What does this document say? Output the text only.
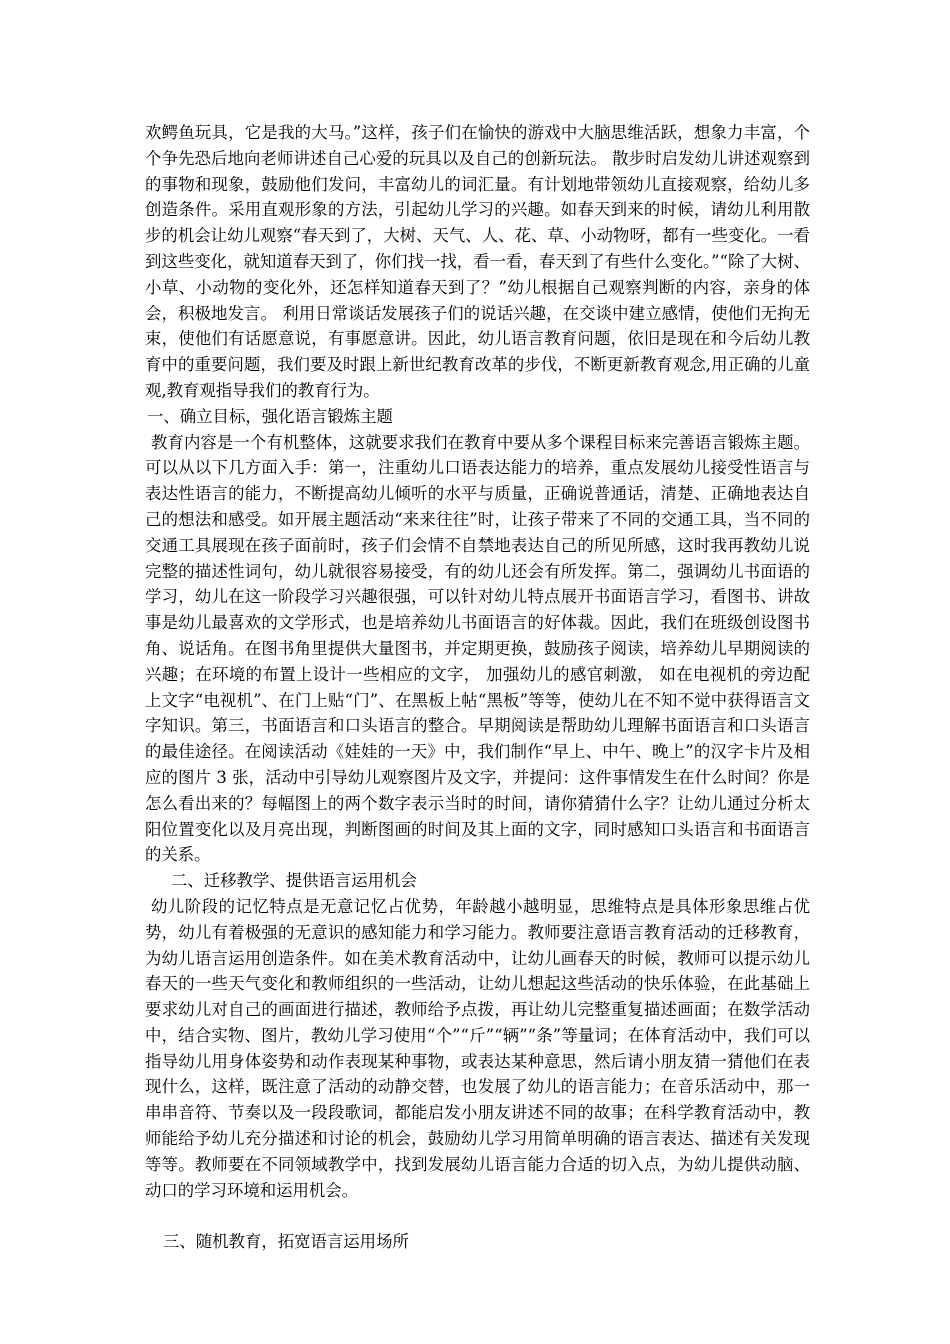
欢鳄鱼玩具，它是我的大马。”这样，孩子们在愉快的游戏中大脑思维活跃，想象力丰富，个个争先恐后地向老师讲述自己心爱的玩具以及自己的创新玩法。 散步时启发幼儿讲述观察到的事物和现象，鼓励他们发问，丰富幼儿的词汇量。有计划地带领幼儿直接观察，给幼儿多创造条件。采用直观形象的方法，引起幼儿学习的兴趣。如春天到来的时候，请幼儿利用散步的机会让幼儿观察“春天到了，大树、天气、人、花、草、小动物呀，都有一些变化。一看到这些变化，就知道春天到了，你们找一找，看一看，春天到了有些什么变化。”“除了大树、小草、小动物的变化外，还怎样知道春天到了？”幼儿根据自己观察判断的内容，亲身的体会，积极地发言。 利用日常谈话发展孩子们的说话兴趣，在交谈中建立感情，使他们无拘无束，使他们有话愿意说，有事愿意讲。因此，幼儿语言教育问题，依旧是现在和今后幼儿教育中的重要问题，我们要及时跟上新世纪教育改革的步伐，不断更新教育观念,用正确的儿童观,教育观指导我们的教育行为。

一、确立目标，强化语言锻炼主题

教育内容是一个有机整体，这就要求我们在教育中要从多个课程目标来完善语言锻炼主题。可以从以下几方面入手：第一，注重幼儿口语表达能力的培养，重点发展幼儿接受性语言与表达性语言的能力，不断提高幼儿倾听的水平与质量，正确说普通话，清楚、正确地表达自己的想法和感受。如开展主题活动“来来往往”时，让孩子带来了不同的交通工具，当不同的交通工具展现在孩子面前时，孩子们会情不自禁地表达自己的所见所感，这时我再教幼儿说完整的描述性词句，幼儿就很容易接受，有的幼儿还会有所发挥。第二，强调幼儿书面语的学习，幼儿在这一阶段学习兴趣很强，可以针对幼儿特点展开书面语言学习，看图书、讲故事是幼儿最喜欢的文学形式，也是培养幼儿书面语言的好体裁。因此，我们在班级创设图书角、说话角。在图书角里提供大量图书，并定期更换，鼓励孩子阅读，培养幼儿早期阅读的兴趣；在环境的布置上设计一些相应的文字， 加强幼儿的感官刺激， 如在电视机的旁边配上文字“电视机”、在门上贴“门”、在黑板上帖“黑板”等等，使幼儿在不知不觉中获得语言文字知识。第三，书面语言和口头语言的整合。早期阅读是帮助幼儿理解书面语言和口头语言的最佳途径。在阅读活动《娃娃的一天》中，我们制作“早上、中午、晚上”的汉字卡片及相应的图片 3 张，活动中引导幼儿观察图片及文字，并提问：这件事情发生在什么时间？你是怎么看出来的？每幅图上的两个数字表示当时的时间，请你猜猜什么字？让幼儿通过分析太阳位置变化以及月亮出现，判断图画的时间及其上面的文字，同时感知口头语言和书面语言的关系。

二、迁移教学、提供语言运用机会

幼儿阶段的记忆特点是无意记忆占优势，年龄越小越明显，思维特点是具体形象思维占优势，幼儿有着极强的无意识的感知能力和学习能力。教师要注意语言教育活动的迁移教育，为幼儿语言运用创造条件。如在美术教育活动中，让幼儿画春天的时候，教师可以提示幼儿春天的一些天气变化和教师组织的一些活动，让幼儿想起这些活动的快乐体验，在此基础上要求幼儿对自己的画面进行描述，教师给予点拨，再让幼儿完整重复描述画面；在数学活动中，结合实物、图片，教幼儿学习使用“个”“斤”“辆”“条”等量词；在体育活动中，我们可以指导幼儿用身体姿势和动作表现某种事物，或表达某种意思，然后请小朋友猜一猜他们在表现什么，这样，既注意了活动的动静交替，也发展了幼儿的语言能力；在音乐活动中，那一串串音符、节奏以及一段段歌词，都能启发小朋友讲述不同的故事；在科学教育活动中，教师能给予幼儿充分描述和讨论的机会，鼓励幼儿学习用简单明确的语言表达、描述有关发现等等。教师要在不同领域教学中，找到发展幼儿语言能力合适的切入点，为幼儿提供动脑、动口的学习环境和运用机会。

三、随机教育，拓宽语言运用场所
